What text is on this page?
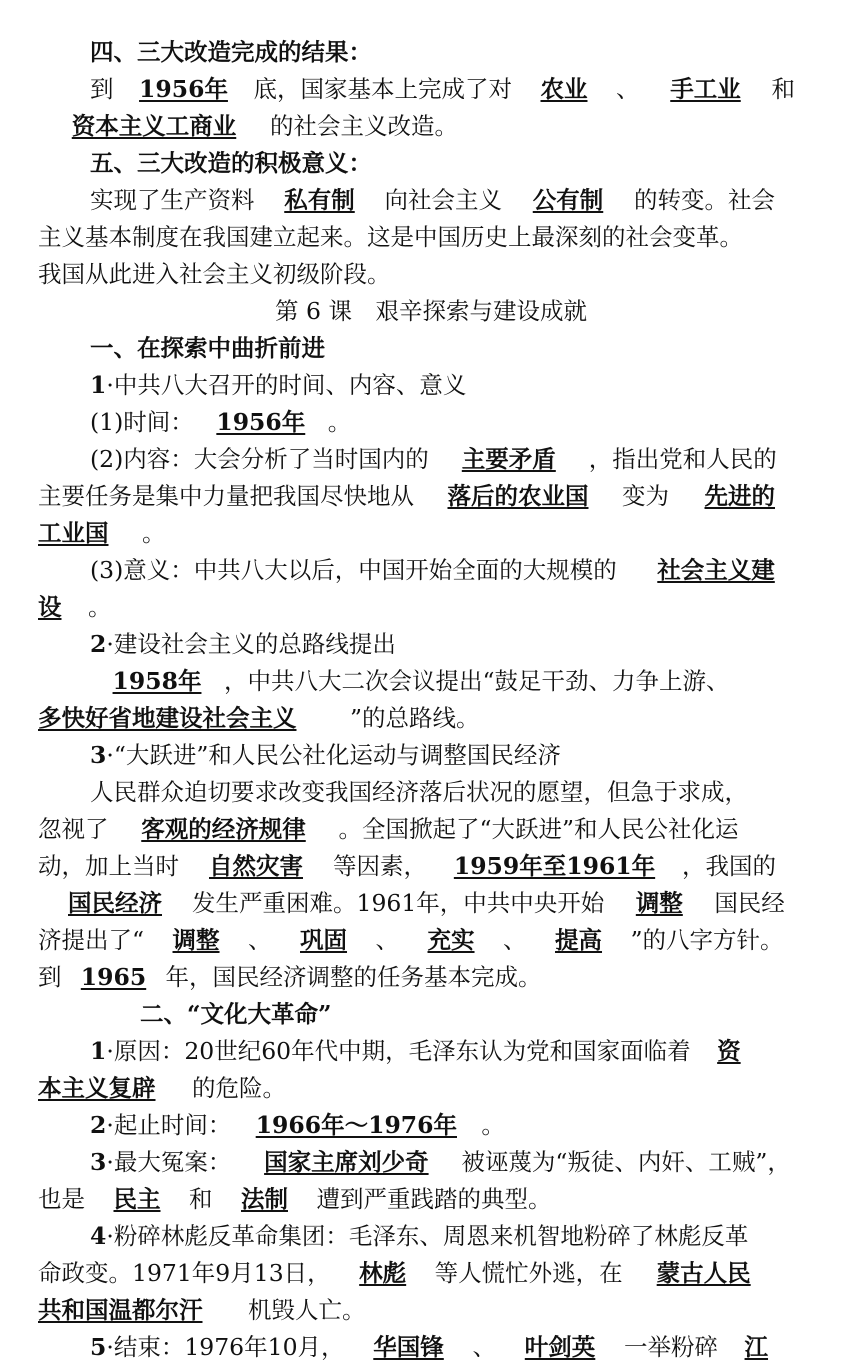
四、三大改造完成的结果：
到 1956年 底，国家基本上完成了对 农业 、 手工业 和
资本主义工商业 的社会主义改造。
五、三大改造的积极意义：
实现了生产资料 私有制 向社会主义 公有制 的转变。社会
主义基本制度在我国建立起来。这是中国历史上最深刻的社会变革。
我国从此进入社会主义初级阶段。
第 6 课　艰辛探索与建设成就
一、在探索中曲折前进
1·中共八大召开的时间、内容、意义
(1)时间： 1956年 。
(2)内容：大会分析了当时国内的 主要矛盾 ，指出党和人民的
主要任务是集中力量把我国尽快地从 落后的农业国 变为 先进的
工业国 。
(3)意义：中共八大以后，中国开始全面的大规模的 社会主义建
设 。
2·建设社会主义的总路线提出
1958年 ，中共八大二次会议提出“鼓足干劲、力争上游、
多快好省地建设社会主义 ”的总路线。
3·“大跃进”和人民公社化运动与调整国民经济
人民群众迫切要求改变我国经济落后状况的愿望，但急于求成，
忽视了 客观的经济规律 。全国掀起了“大跃进”和人民公社化运
动，加上当时 自然灾害 等因素， 1959年至1961年 ，我国的
国民经济 发生严重困难。1961年，中共中央开始 调整 国民经
济提出了“ 调整 、 巩固 、 充实 、 提高 ”的八字方针。
到 1965 年，国民经济调整的任务基本完成。
二、“文化大革命”
1·原因：20世纪60年代中期，毛泽东认为党和国家面临着 资
本主义复辟 的危险。
2·起止时间： 1966年～1976年 。
3·最大冤案： 国家主席刘少奇 被诬蔑为“叛徒、内奸、工贼”，
也是 民主 和 法制 遭到严重践踏的典型。
4·粉碎林彪反革命集团：毛泽东、周恩来机智地粉碎了林彪反革
命政变。1971年9月13日， 林彪 等人慌忙外逃，在 蒙古人民
共和国温都尔汗 机毁人亡。
5·结束：1976年10月， 华国锋 、 叶剑英 一举粉碎 江
